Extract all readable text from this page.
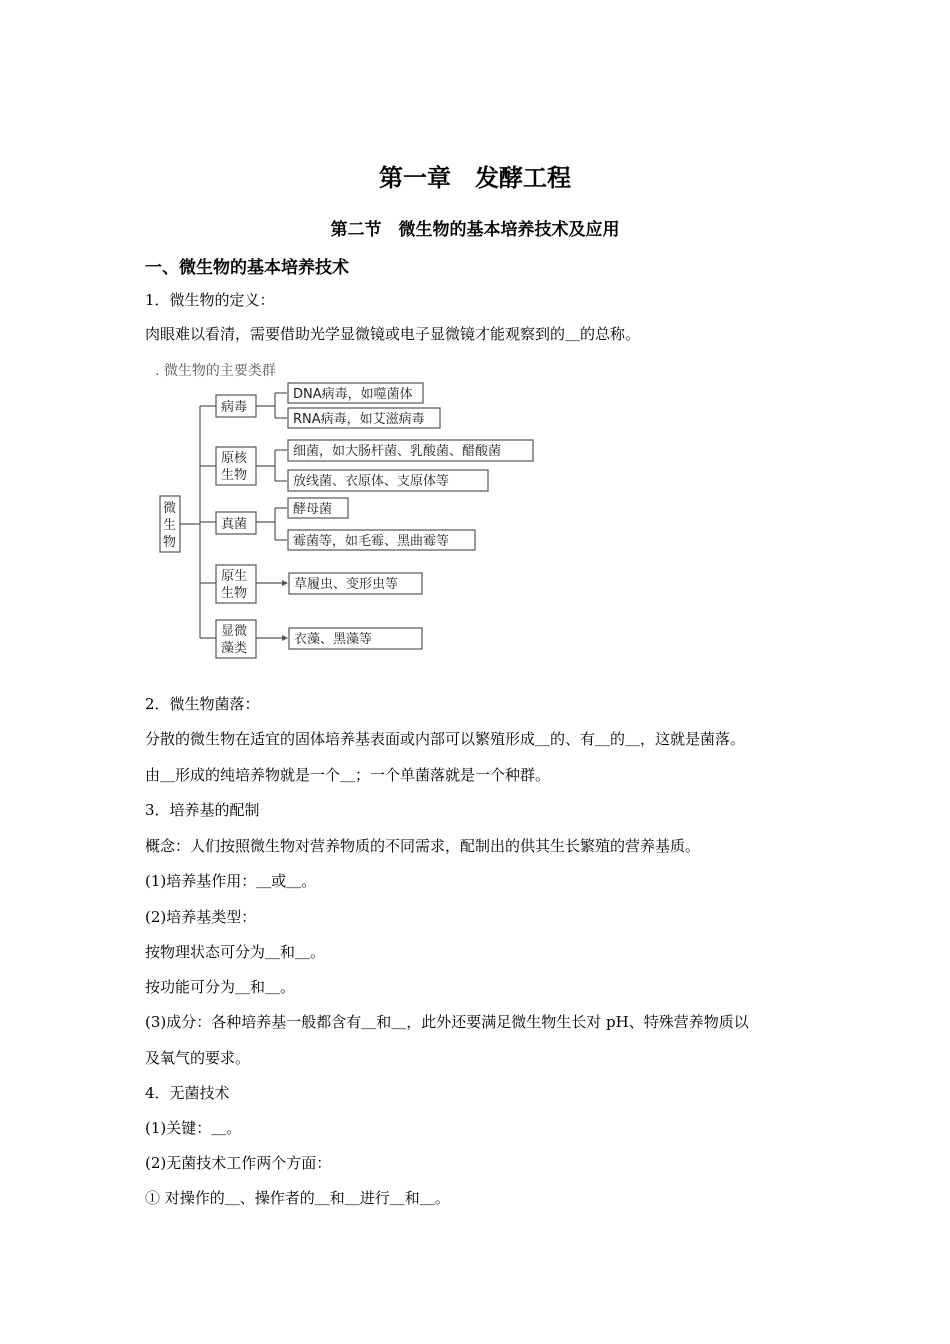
第一章　发酵工程
第二节　微生物的基本培养技术及应用
一、微生物的基本培养技术
1．微生物的定义：
肉眼难以看清，需要借助光学显微镜或电子显微镜才能观察到的＿的总称。
. 微生物的主要类群
微
生
物
病毒
DNA病毒，如噬菌体
RNA病毒，如艾滋病毒
原核
生物
细菌，如大肠杆菌、乳酸菌、醋酸菌
放线菌、衣原体、支原体等
真菌
酵母菌
霉菌等，如毛霉、黑曲霉等
原生
生物
草履虫、变形虫等
显微
藻类
衣藻、黑藻等
2．微生物菌落：
分散的微生物在适宜的固体培养基表面或内部可以繁殖形成＿的、有＿的＿，这就是菌落。
由＿形成的纯培养物就是一个＿；一个单菌落就是一个种群。
3．培养基的配制
概念：人们按照微生物对营养物质的不同需求，配制出的供其生长繁殖的营养基质。
(1)培养基作用：＿或＿。
(2)培养基类型：
按物理状态可分为＿和＿。
按功能可分为＿和＿。
(3)成分：各种培养基一般都含有＿和＿，此外还要满足微生物生长对 pH、特殊营养物质以
及氧气的要求。
4．无菌技术
(1)关键：＿。
(2)无菌技术工作两个方面：
① 对操作的＿、操作者的＿和＿进行＿和＿。
